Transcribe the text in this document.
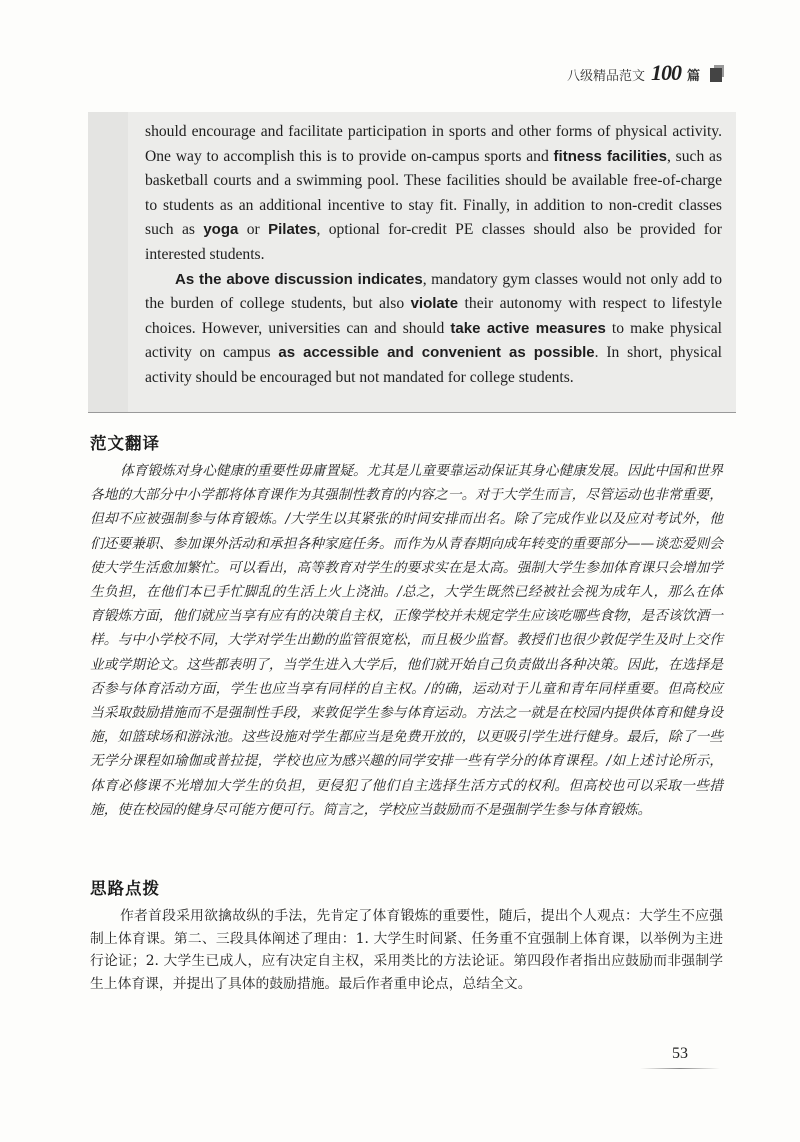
八级精品范文 100 篇

should encourage and facilitate participation in sports and other forms of physical activity. One way to accomplish this is to provide on-campus sports and fitness facilities, such as basketball courts and a swimming pool. These facilities should be available free-of-charge to students as an additional incentive to stay fit. Finally, in addition to non-credit classes such as yoga or Pilates, optional for-credit PE classes should also be provided for interested students.

As the above discussion indicates, mandatory gym classes would not only add to the burden of college students, but also violate their autonomy with respect to lifestyle choices. However, universities can and should take active measures to make physical activity on campus as accessible and convenient as possible. In short, physical activity should be encouraged but not mandated for college students.

范文翻译

体育锻炼对身心健康的重要性毋庸置疑。尤其是儿童要靠运动保证其身心健康发展。因此中国和世界各地的大部分中小学都将体育课作为其强制性教育的内容之一。对于大学生而言，尽管运动也非常重要，但却不应被强制参与体育锻炼。/大学生以其紧张的时间安排而出名。除了完成作业以及应对考试外，他们还要兼职、参加课外活动和承担各种家庭任务。而作为从青春期向成年转变的重要部分——谈恋爱则会使大学生活愈加繁忙。可以看出，高等教育对学生的要求实在是太高。强制大学生参加体育课只会增加学生负担，在他们本已手忙脚乱的生活上火上浇油。/总之，大学生既然已经被社会视为成年人，那么在体育锻炼方面，他们就应当享有应有的决策自主权，正像学校并未规定学生应该吃哪些食物，是否该饮酒一样。与中小学校不同，大学对学生出勤的监管很宽松，而且极少监督。教授们也很少敦促学生及时上交作业或学期论文。这些都表明了，当学生进入大学后，他们就开始自己负责做出各种决策。因此，在选择是否参与体育活动方面，学生也应当享有同样的自主权。/的确，运动对于儿童和青年同样重要。但高校应当采取鼓励措施而不是强制性手段，来敦促学生参与体育运动。方法之一就是在校园内提供体育和健身设施，如篮球场和游泳池。这些设施对学生都应当是免费开放的，以更吸引学生进行健身。最后，除了一些无学分课程如瑜伽或普拉提，学校也应为感兴趣的同学安排一些有学分的体育课程。/如上述讨论所示，体育必修课不光增加大学生的负担，更侵犯了他们自主选择生活方式的权利。但高校也可以采取一些措施，使在校园的健身尽可能方便可行。简言之，学校应当鼓励而不是强制学生参与体育锻炼。

思路点拨

作者首段采用欲擒故纵的手法，先肯定了体育锻炼的重要性，随后，提出个人观点：大学生不应强制上体育课。第二、三段具体阐述了理由：1. 大学生时间紧、任务重不宜强制上体育课，以举例为主进行论证；2. 大学生已成人，应有决定自主权，采用类比的方法论证。第四段作者指出应鼓励而非强制学生上体育课，并提出了具体的鼓励措施。最后作者重申论点，总结全文。

53
